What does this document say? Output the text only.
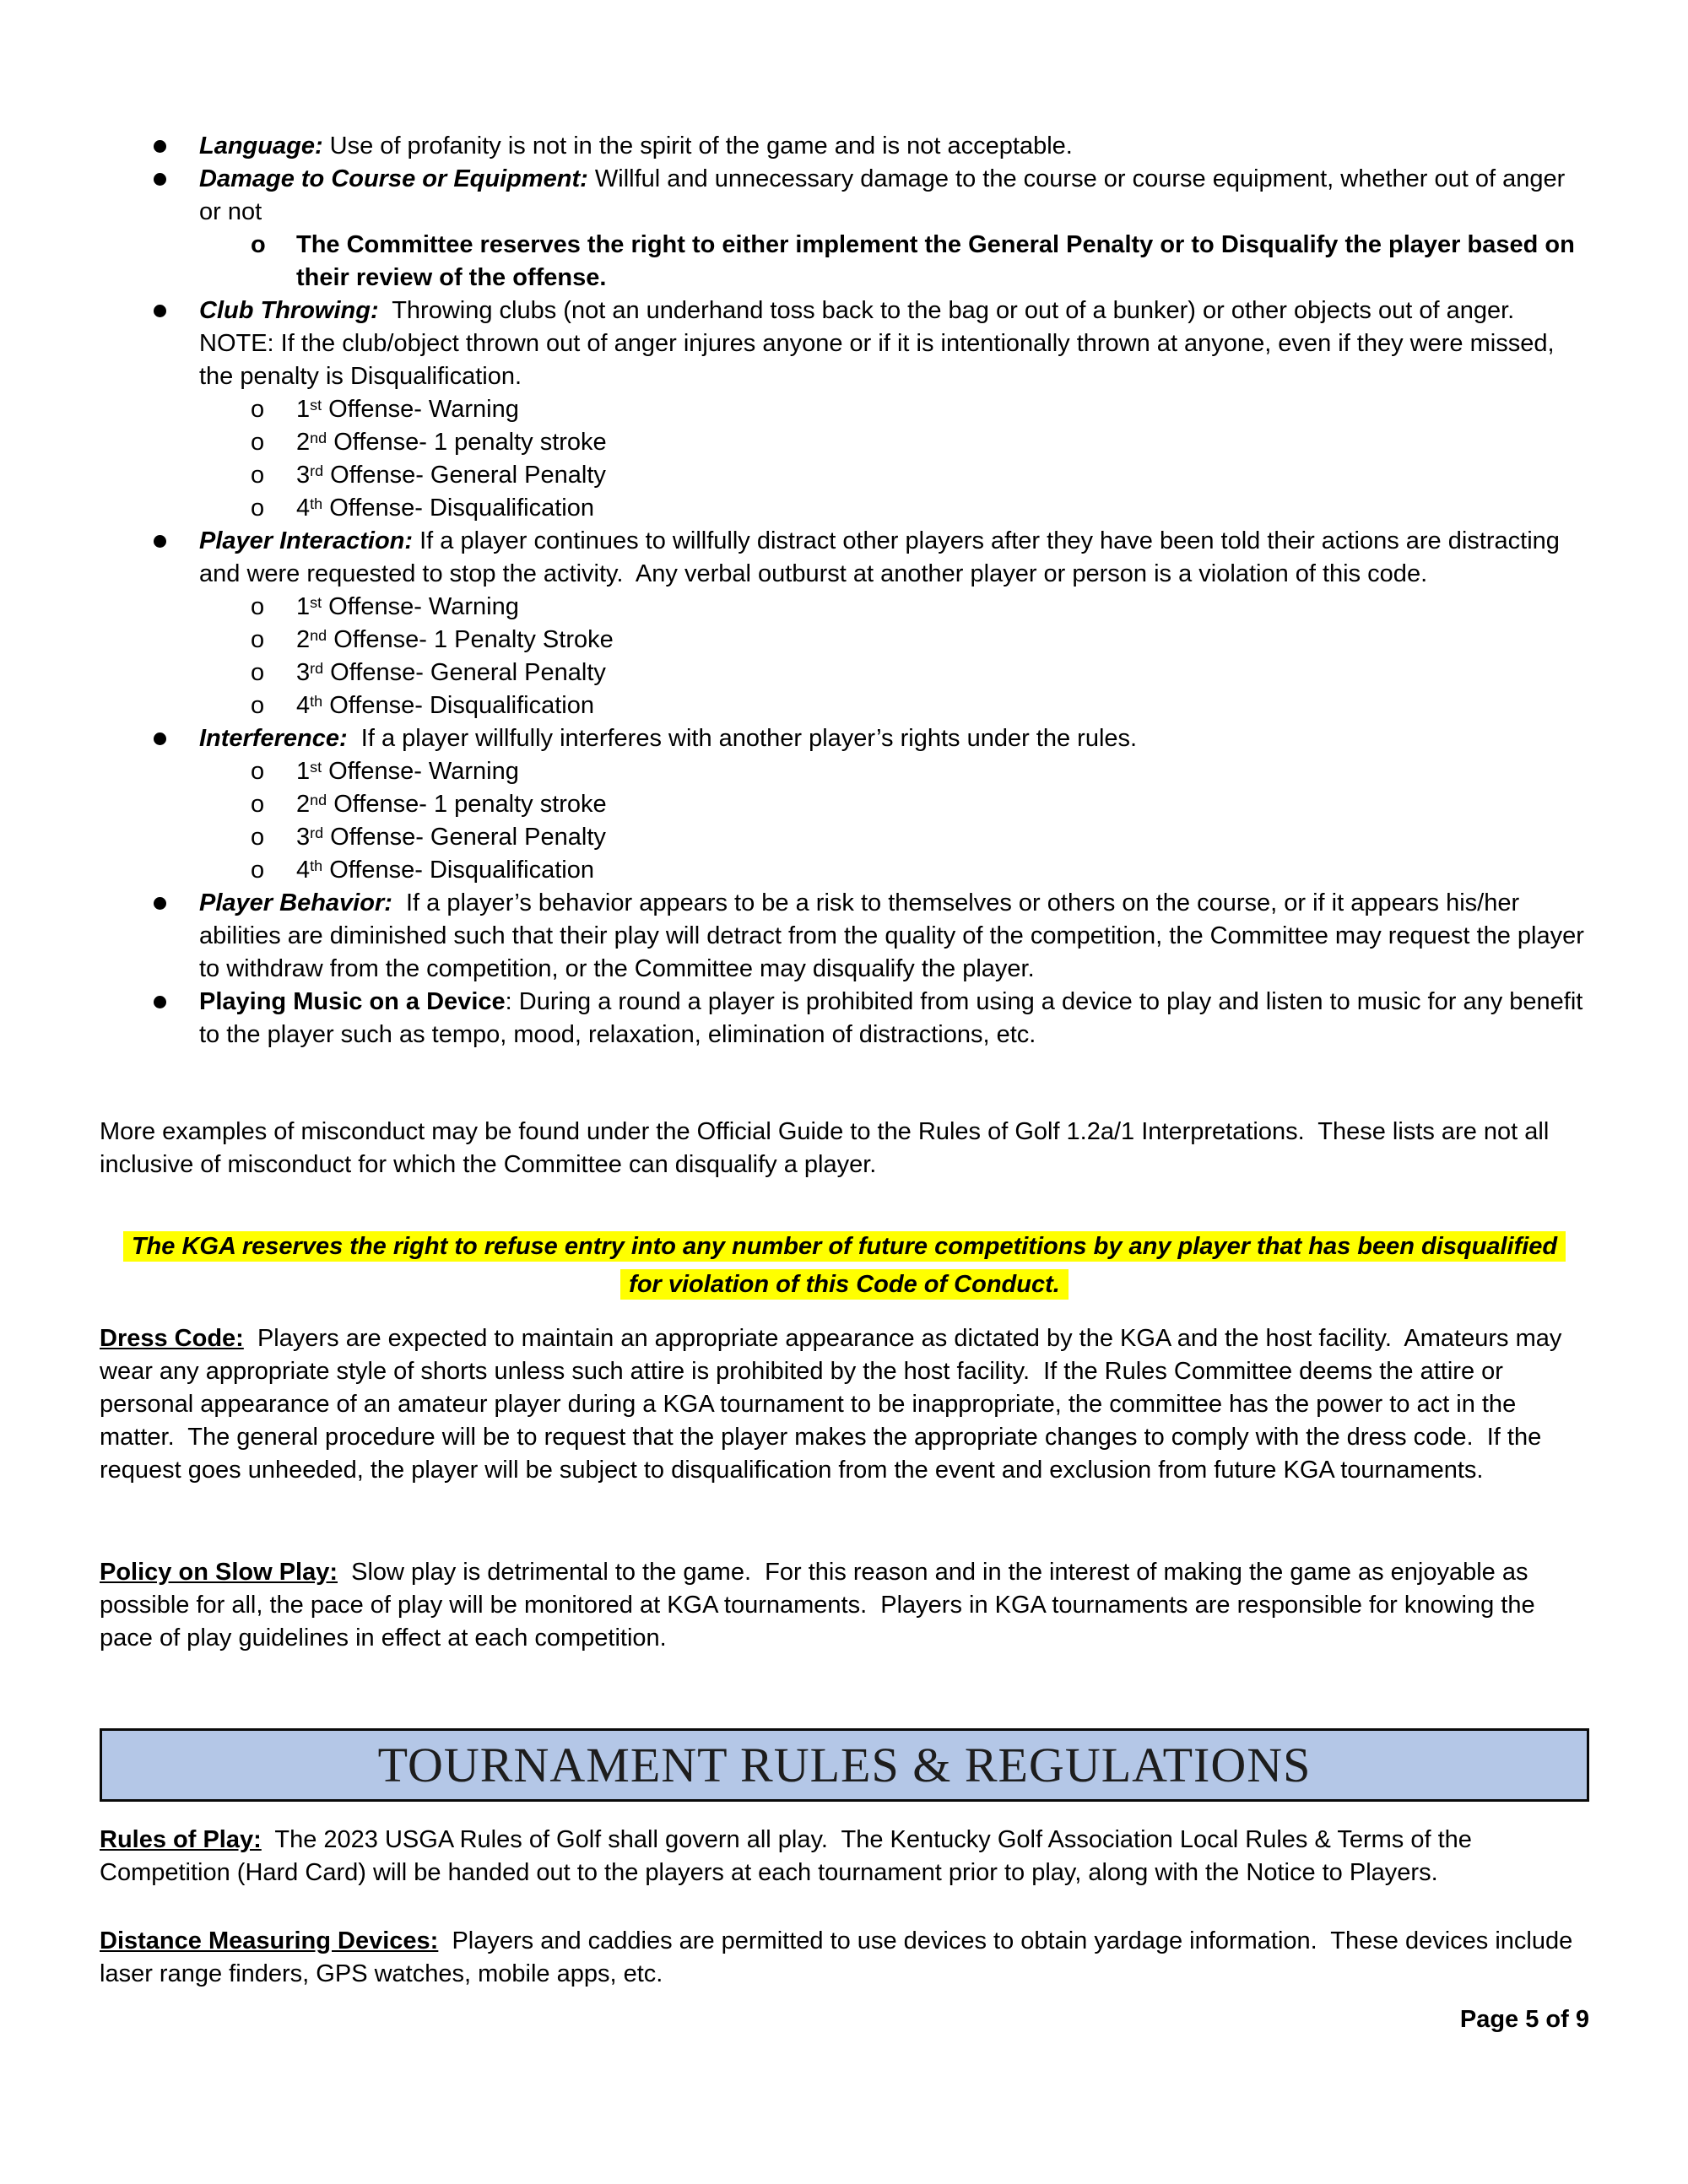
Language: Use of profanity is not in the spirit of the game and is not acceptable.
Damage to Course or Equipment: Willful and unnecessary damage to the course or course equipment, whether out of anger or not
o The Committee reserves the right to either implement the General Penalty or to Disqualify the player based on their review of the offense.
Club Throwing:  Throwing clubs (not an underhand toss back to the bag or out of a bunker) or other objects out of anger.  NOTE: If the club/object thrown out of anger injures anyone or if it is intentionally thrown at anyone, even if they were missed, the penalty is Disqualification.
o 1st Offense- Warning
o 2nd Offense- 1 penalty stroke
o 3rd Offense- General Penalty
o 4th Offense- Disqualification
Player Interaction: If a player continues to willfully distract other players after they have been told their actions are distracting and were requested to stop the activity.  Any verbal outburst at another player or person is a violation of this code.
o 1st Offense- Warning
o 2nd Offense- 1 Penalty Stroke
o 3rd Offense- General Penalty
o 4th Offense- Disqualification
Interference:  If a player willfully interferes with another player’s rights under the rules.
o 1st Offense- Warning
o 2nd Offense- 1 penalty stroke
o 3rd Offense- General Penalty
o 4th Offense- Disqualification
Player Behavior:  If a player’s behavior appears to be a risk to themselves or others on the course, or if it appears his/her abilities are diminished such that their play will detract from the quality of the competition, the Committee may request the player to withdraw from the competition, or the Committee may disqualify the player.
Playing Music on a Device: During a round a player is prohibited from using a device to play and listen to music for any benefit to the player such as tempo, mood, relaxation, elimination of distractions, etc.

More examples of misconduct may be found under the Official Guide to the Rules of Golf 1.2a/1 Interpretations.  These lists are not all inclusive of misconduct for which the Committee can disqualify a player.

The KGA reserves the right to refuse entry into any number of future competitions by any player that has been disqualified
for violation of this Code of Conduct.

Dress Code:  Players are expected to maintain an appropriate appearance as dictated by the KGA and the host facility.  Amateurs may wear any appropriate style of shorts unless such attire is prohibited by the host facility.  If the Rules Committee deems the attire or personal appearance of an amateur player during a KGA tournament to be inappropriate, the committee has the power to act in the matter.  The general procedure will be to request that the player makes the appropriate changes to comply with the dress code.  If the request goes unheeded, the player will be subject to disqualification from the event and exclusion from future KGA tournaments.

Policy on Slow Play:  Slow play is detrimental to the game.  For this reason and in the interest of making the game as enjoyable as possible for all, the pace of play will be monitored at KGA tournaments.  Players in KGA tournaments are responsible for knowing the pace of play guidelines in effect at each competition.

TOURNAMENT RULES & REGULATIONS

Rules of Play:  The 2023 USGA Rules of Golf shall govern all play.  The Kentucky Golf Association Local Rules & Terms of the Competition (Hard Card) will be handed out to the players at each tournament prior to play, along with the Notice to Players.

Distance Measuring Devices:  Players and caddies are permitted to use devices to obtain yardage information.  These devices include laser range finders, GPS watches, mobile apps, etc.

Page 5 of 9
